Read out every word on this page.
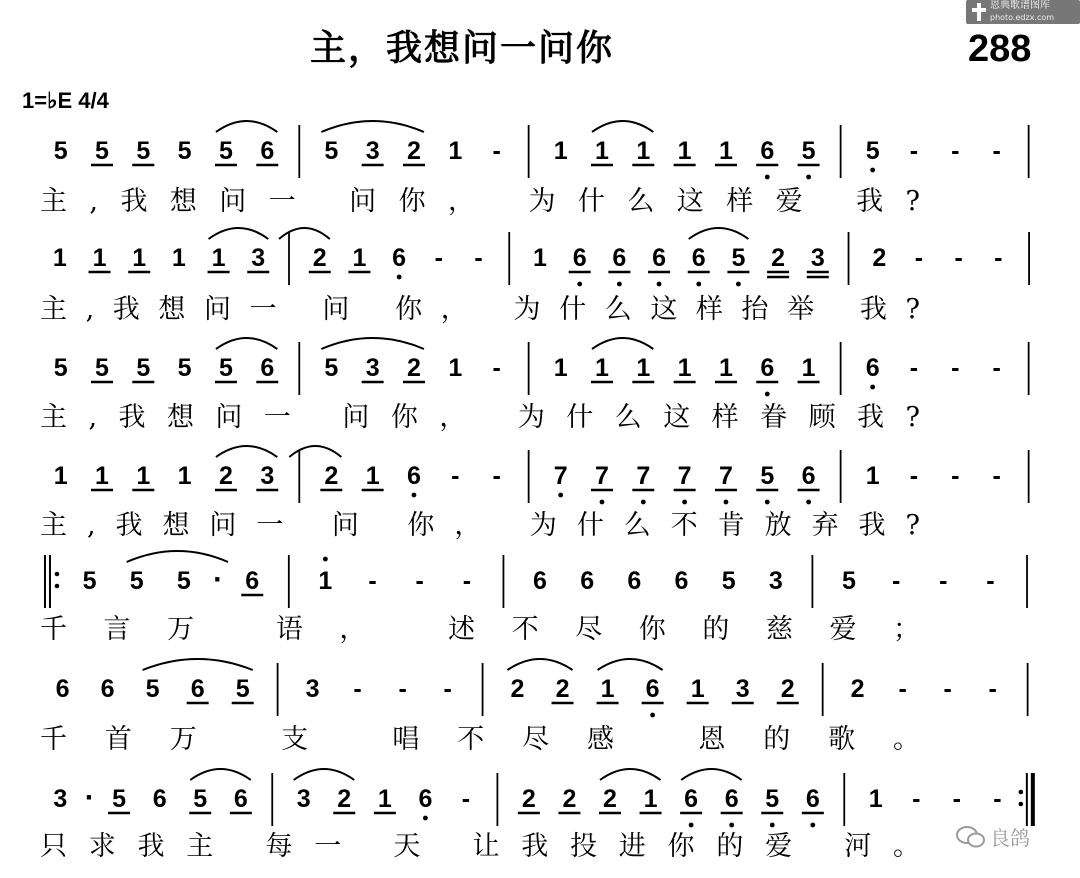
恩典歌谱图库
photo.edzx.com
主，我想问一问你	288
1=♭E 4/4
5 5 5 5 5 6 5 3 2 1 - 1 1 1 1 1 6 5 5 - - -
主,我想问一 问你， 为什么这样爱 我?
1 1 1 1 1 3 2 1 6 - - 1 6 6 6 6 5 2 3 2 - - -
主,我想问一 问 你， 为什么这样抬举 我?
5 5 5 5 5 6 5 3 2 1 - 1 1 1 1 1 6 1 6 - - -
主,我想问一 问你， 为什么这样眷顾我?
1 1 1 1 2 3 2 1 6 - - 7 7 7 7 7 5 6 1 - - -
主,我想问一 问 你， 为什么不肯放弃我?
5 5 5 · 6 1 - - - 6 6 6 6 5 3 5 - - -
千言万 语， 述不尽你的慈爱；
6 6 5 6 5 3 - - - 2 2 1 6 1 3 2 2 - - -
千首万 支 唱不尽感 恩的歌。
3 · 5 6 5 6 3 2 1 6 - 2 2 2 1 6 6 5 6 1 - - -
只求我主 每一 天 让我投进你的爱 河。	良鸽
